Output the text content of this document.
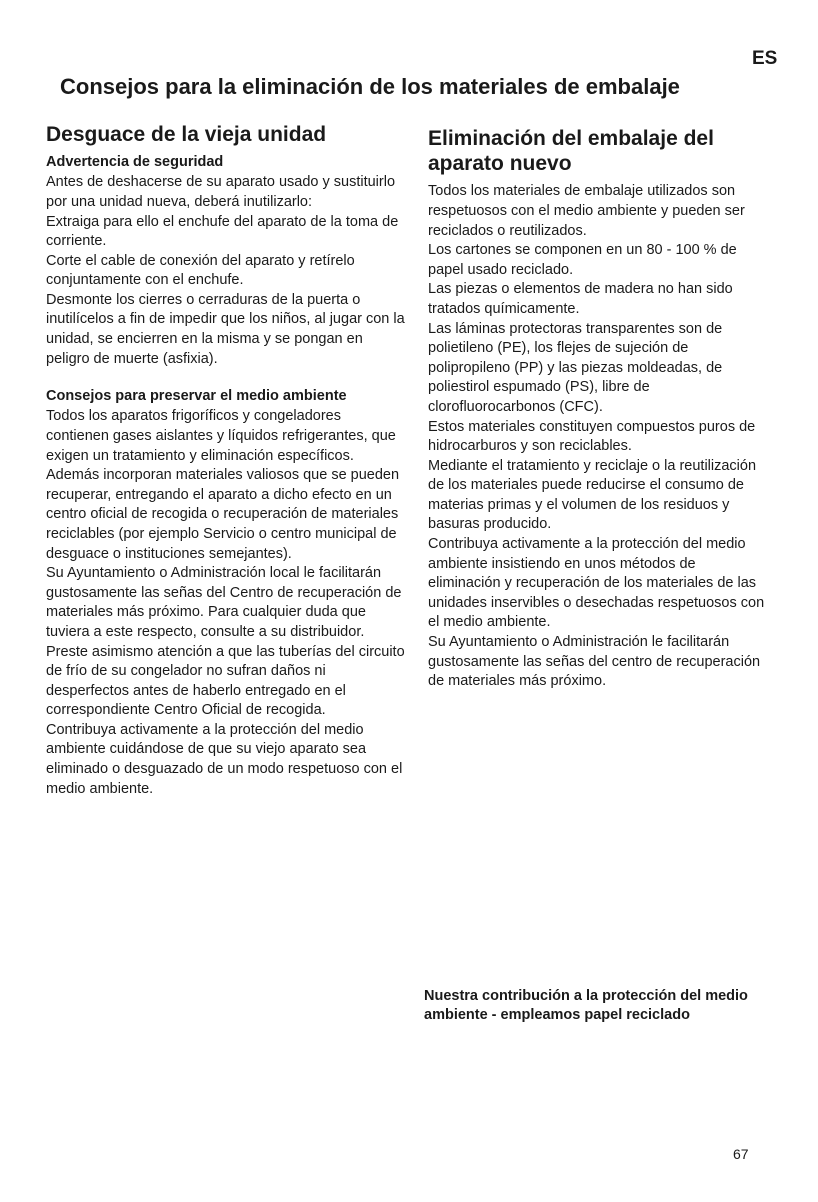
ES
Consejos para la eliminación de los materiales de embalaje
Desguace de la vieja unidad
Advertencia de seguridad

Antes de deshacerse de su aparato usado y sustituirlo por una unidad nueva, deberá inutilizarlo:

Extraiga para ello el enchufe del aparato de la toma de corriente.

Corte el cable de conexión del aparato y retírelo conjuntamente con el enchufe.

Desmonte los cierres o cerraduras de la puerta o inutilícelos a fin de impedir que los niños, al jugar con la unidad, se encierren en la misma y se pongan en peligro de muerte (asfixia).

Consejos para preservar el medio ambiente

Todos los aparatos frigoríficos y congeladores contienen gases aislantes y líquidos refrigerantes, que exigen un tratamiento y eliminación específicos. Además incorporan materiales valiosos que se pueden recuperar, entregando el aparato a dicho efecto en un centro oficial de recogida o recuperación de materiales reciclables (por ejemplo Servicio o centro municipal de desguace o instituciones semejantes).

Su Ayuntamiento o Administración local le facilitarán gustosamente las señas del Centro de recuperación de materiales más próximo. Para cualquier duda que tuviera a este respecto, consulte a su distribuidor.

Preste asimismo atención a que las tuberías del circuito de frío de su congelador no sufran daños ni desperfectos antes de haberlo entregado en el correspondiente Centro Oficial de recogida.

Contribuya activamente a la protección del medio ambiente cuidándose de que su viejo aparato sea eliminado o desguazado de un modo respetuoso con el medio ambiente.

Eliminación del embalaje del aparato nuevo

Todos los materiales de embalaje utilizados son respetuosos con el medio ambiente y pueden ser reciclados o reutilizados.

Los cartones se componen en un 80 - 100 % de papel usado reciclado.

Las piezas o elementos de madera no han sido tratados químicamente.

Las láminas protectoras transparentes son de polietileno (PE), los flejes de sujeción de polipropileno (PP) y las piezas moldeadas, de poliestirol espumado (PS), libre de clorofluorocarbonos (CFC).

Estos materiales constituyen compuestos puros de hidrocarburos y son reciclables.

Mediante el tratamiento y reciclaje o la reutilización de los materiales puede reducirse el consumo de materias primas y el volumen de los residuos y basuras producido.

Contribuya activamente a la protección del medio ambiente insistiendo en unos métodos de eliminación y recuperación de los materiales de las unidades inservibles o desechadas respetuosos con el medio ambiente.

Su Ayuntamiento o Administración le facilitarán gustosamente las señas del centro de recuperación de materiales más próximo.

Nuestra contribución a la protección del medio ambiente - empleamos papel reciclado
67
